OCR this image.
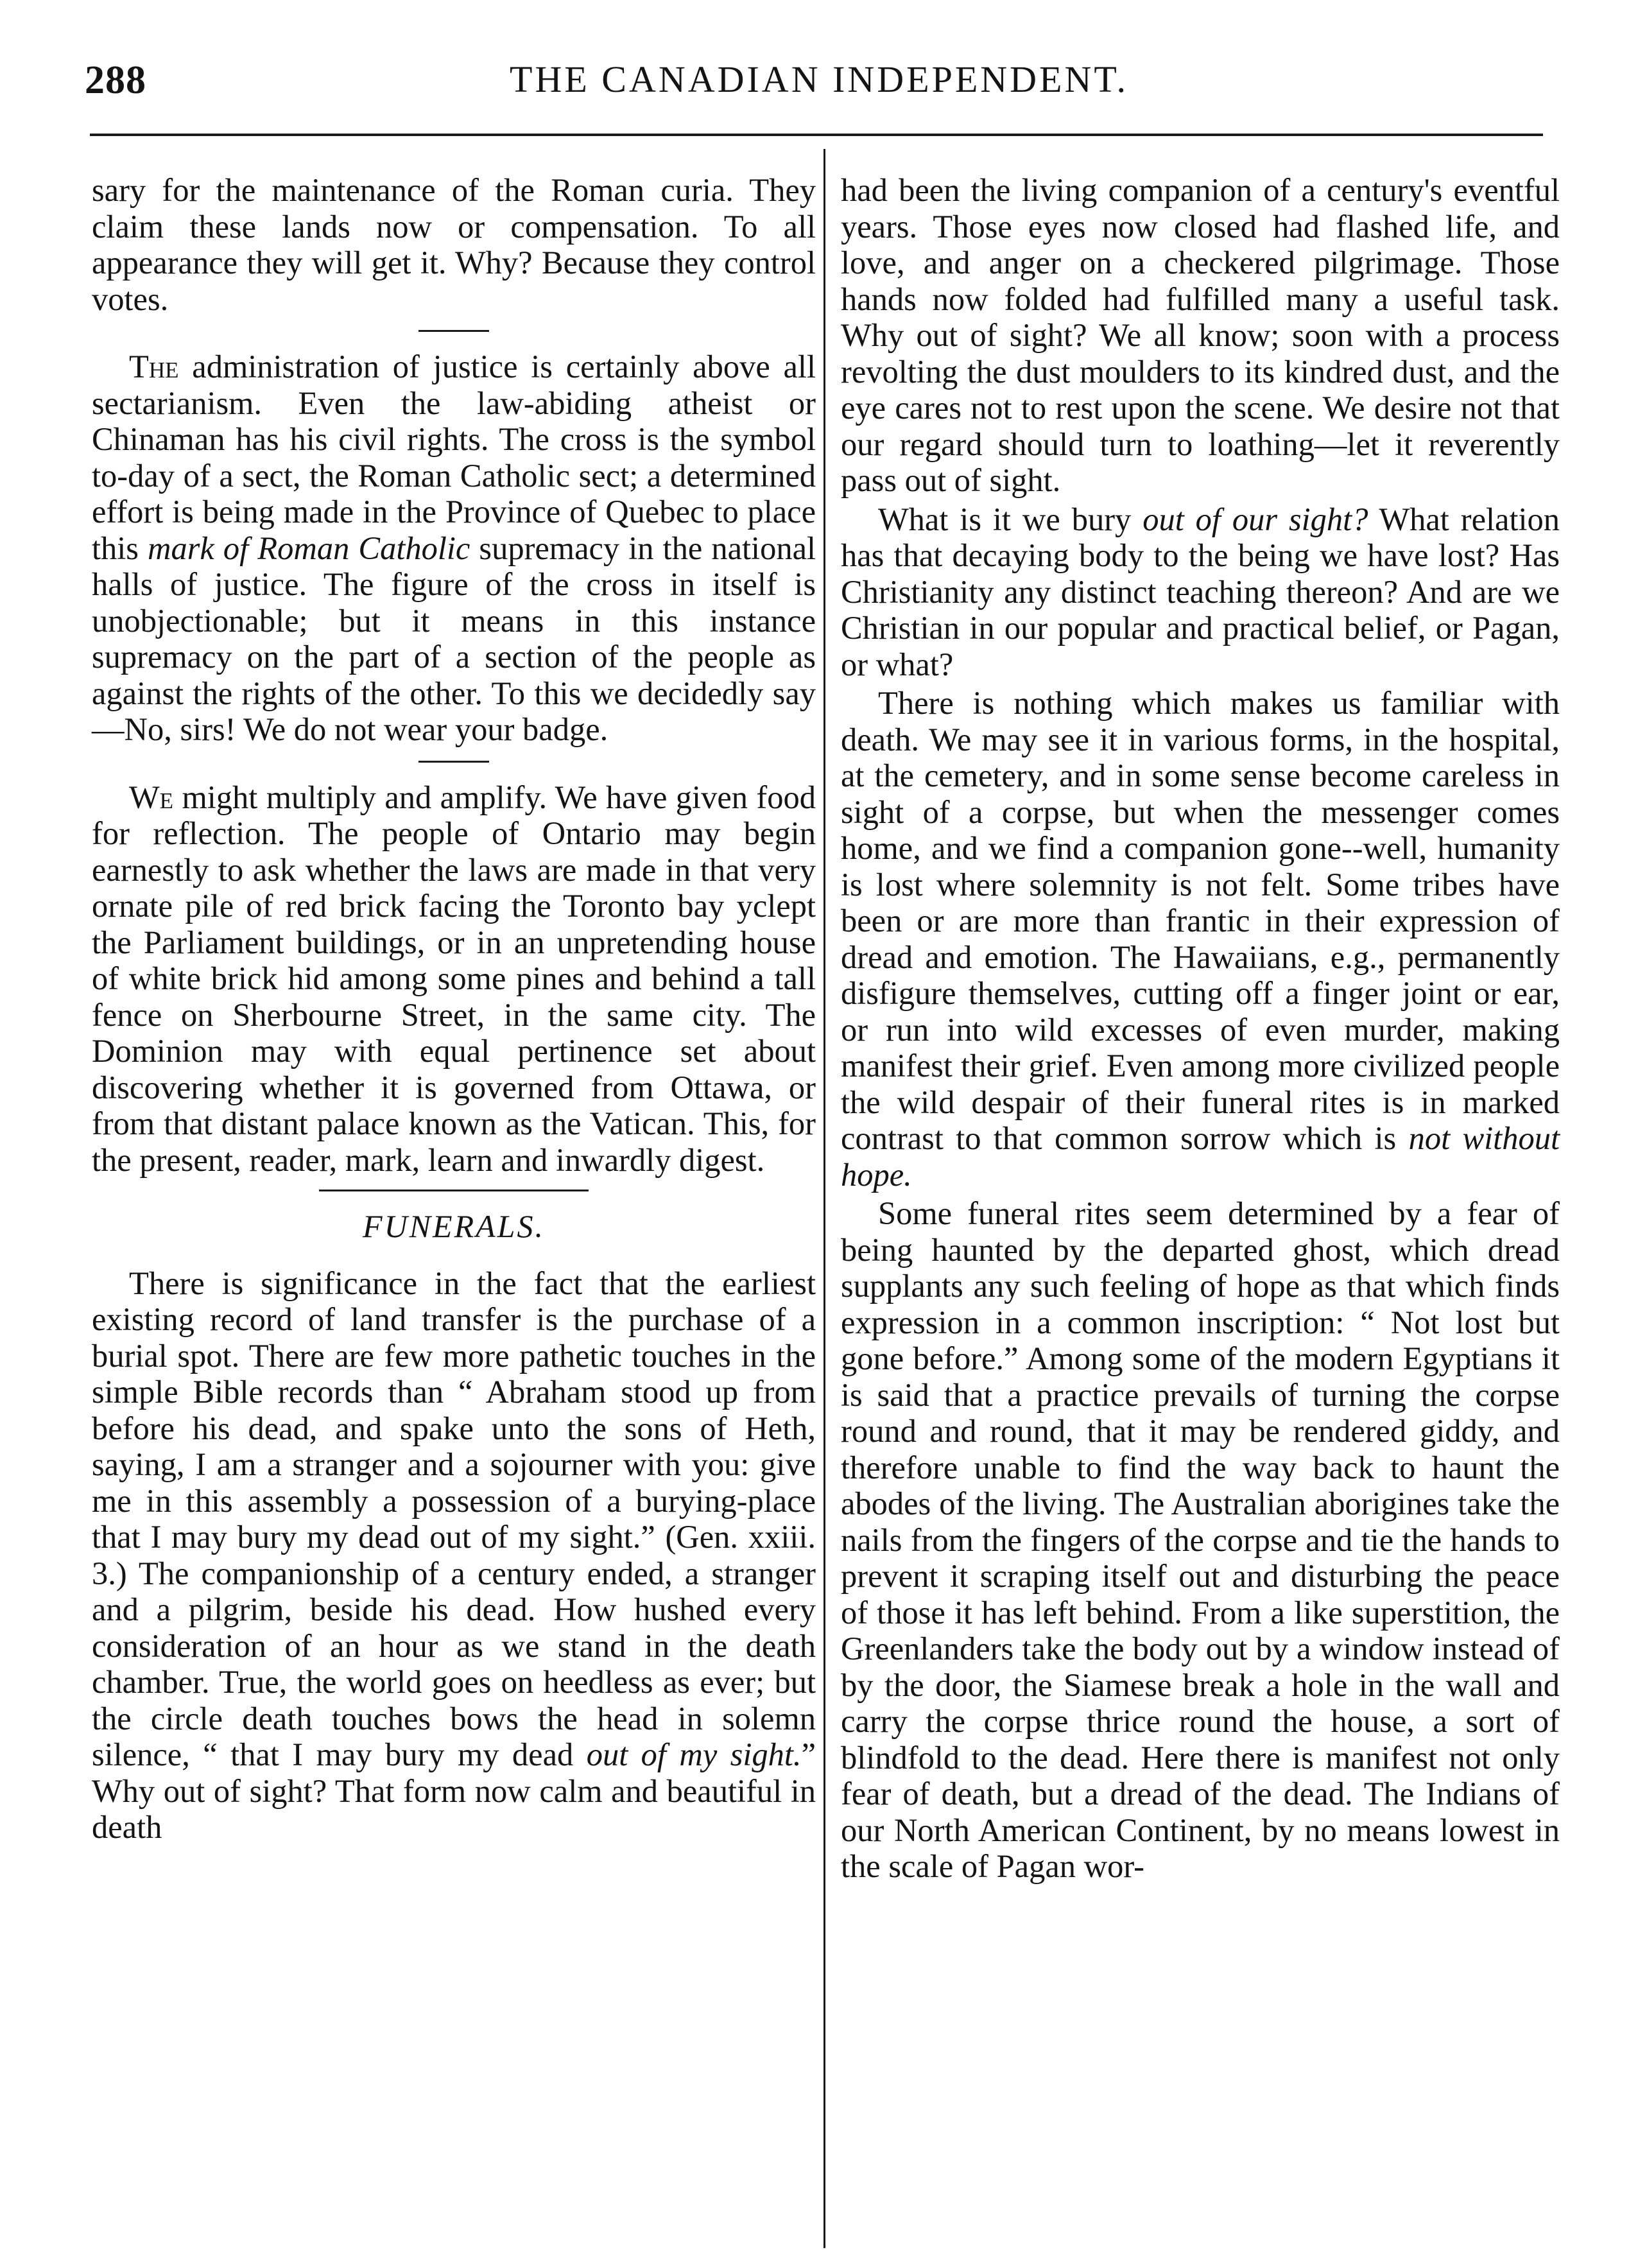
288	THE CANADIAN INDEPENDENT.

sary for the maintenance of the Roman curia. They claim these lands now or compensation. To all appearance they will get it. Why? Because they control votes.

The administration of justice is certainly above all sectarianism. Even the law-abiding atheist or Chinaman has his civil rights. The cross is the symbol to-day of a sect, the Roman Catholic sect; a determined effort is being made in the Province of Quebec to place this mark of Roman Catholic supremacy in the national halls of justice. The figure of the cross in itself is unobjectionable; but it means in this instance supremacy on the part of a section of the people as against the rights of the other. To this we decidedly say—No, sirs! We do not wear your badge.

We might multiply and amplify. We have given food for reflection. The people of Ontario may begin earnestly to ask whether the laws are made in that very ornate pile of red brick facing the Toronto bay yclept the Parliament buildings, or in an unpretending house of white brick hid among some pines and behind a tall fence on Sherbourne Street, in the same city. The Dominion may with equal pertinence set about discovering whether it is governed from Ottawa, or from that distant palace known as the Vatican. This, for the present, reader, mark, learn and inwardly digest.

FUNERALS.

There is significance in the fact that the earliest existing record of land transfer is the purchase of a burial spot. There are few more pathetic touches in the simple Bible records than “ Abraham stood up from before his dead, and spake unto the sons of Heth, saying, I am a stranger and a sojourner with you: give me in this assembly a possession of a burying-place that I may bury my dead out of my sight.” (Gen. xxiii. 3.) The companionship of a century ended, a stranger and a pilgrim, beside his dead. How hushed every consideration of an hour as we stand in the death chamber. True, the world goes on heedless as ever; but the circle death touches bows the head in solemn silence, “ that I may bury my dead out of my sight.” Why out of sight? That form now calm and beautiful in death

had been the living companion of a century's eventful years. Those eyes now closed had flashed life, and love, and anger on a checkered pilgrimage. Those hands now folded had fulfilled many a useful task. Why out of sight? We all know; soon with a process revolting the dust moulders to its kindred dust, and the eye cares not to rest upon the scene. We desire not that our regard should turn to loathing—let it reverently pass out of sight.

What is it we bury out of our sight? What relation has that decaying body to the being we have lost? Has Christianity any distinct teaching thereon? And are we Christian in our popular and practical belief, or Pagan, or what?

There is nothing which makes us familiar with death. We may see it in various forms, in the hospital, at the cemetery, and in some sense become careless in sight of a corpse, but when the messenger comes home, and we find a companion gone--well, humanity is lost where solemnity is not felt. Some tribes have been or are more than frantic in their expression of dread and emotion. The Hawaiians, e.g., permanently disfigure themselves, cutting off a finger joint or ear, or run into wild excesses of even murder, making manifest their grief. Even among more civilized people the wild despair of their funeral rites is in marked contrast to that common sorrow which is not without hope.

Some funeral rites seem determined by a fear of being haunted by the departed ghost, which dread supplants any such feeling of hope as that which finds expression in a common inscription: “ Not lost but gone before.” Among some of the modern Egyptians it is said that a practice prevails of turning the corpse round and round, that it may be rendered giddy, and therefore unable to find the way back to haunt the abodes of the living. The Australian aborigines take the nails from the fingers of the corpse and tie the hands to prevent it scraping itself out and disturbing the peace of those it has left behind. From a like superstition, the Greenlanders take the body out by a window instead of by the door, the Siamese break a hole in the wall and carry the corpse thrice round the house, a sort of blindfold to the dead. Here there is manifest not only fear of death, but a dread of the dead. The Indians of our North American Continent, by no means lowest in the scale of Pagan wor-
